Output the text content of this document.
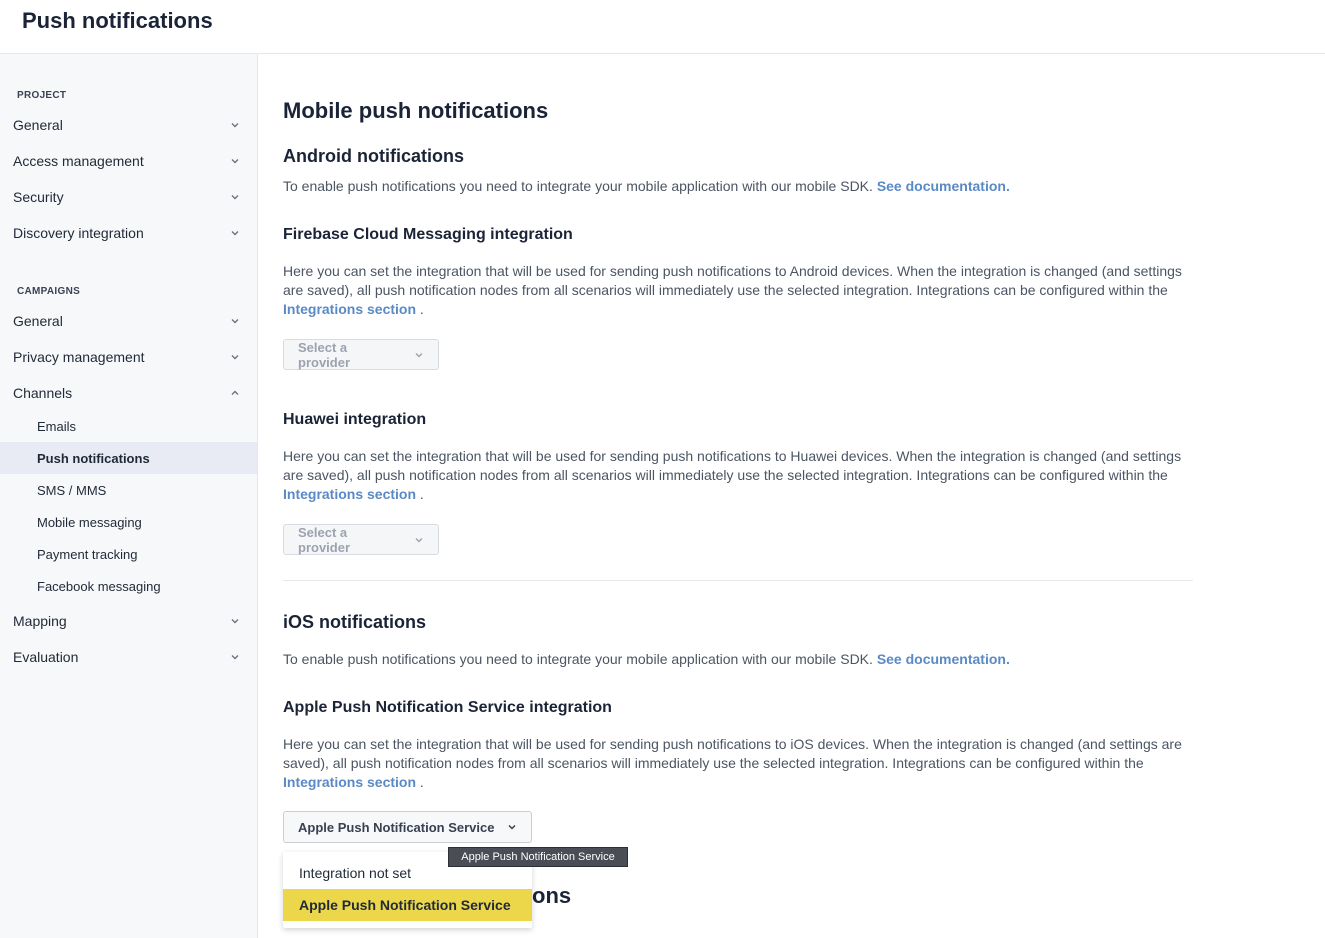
Push notifications
PROJECT
General
Access management
Security
Discovery integration
CAMPAIGNS
General
Privacy management
Channels
Emails
Push notifications
SMS / MMS
Mobile messaging
Payment tracking
Facebook messaging
Mapping
Evaluation
Mobile push notifications
Android notifications
To enable push notifications you need to integrate your mobile application with our mobile SDK. See documentation.
Firebase Cloud Messaging integration
Here you can set the integration that will be used for sending push notifications to Android devices. When the integration is changed (and settings are saved), all push notification nodes from all scenarios will immediately use the selected integration. Integrations can be configured within the Integrations section .
Select a provider
Huawei integration
Here you can set the integration that will be used for sending push notifications to Huawei devices. When the integration is changed (and settings are saved), all push notification nodes from all scenarios will immediately use the selected integration. Integrations can be configured within the Integrations section .
Select a provider
iOS notifications
To enable push notifications you need to integrate your mobile application with our mobile SDK. See documentation.
Apple Push Notification Service integration
Here you can set the integration that will be used for sending push notifications to iOS devices. When the integration is changed (and settings are saved), all push notification nodes from all scenarios will immediately use the selected integration. Integrations can be configured within the Integrations section .
Apple Push Notification Service
ons
Integration not set
Apple Push Notification Service
Apple Push Notification Service
